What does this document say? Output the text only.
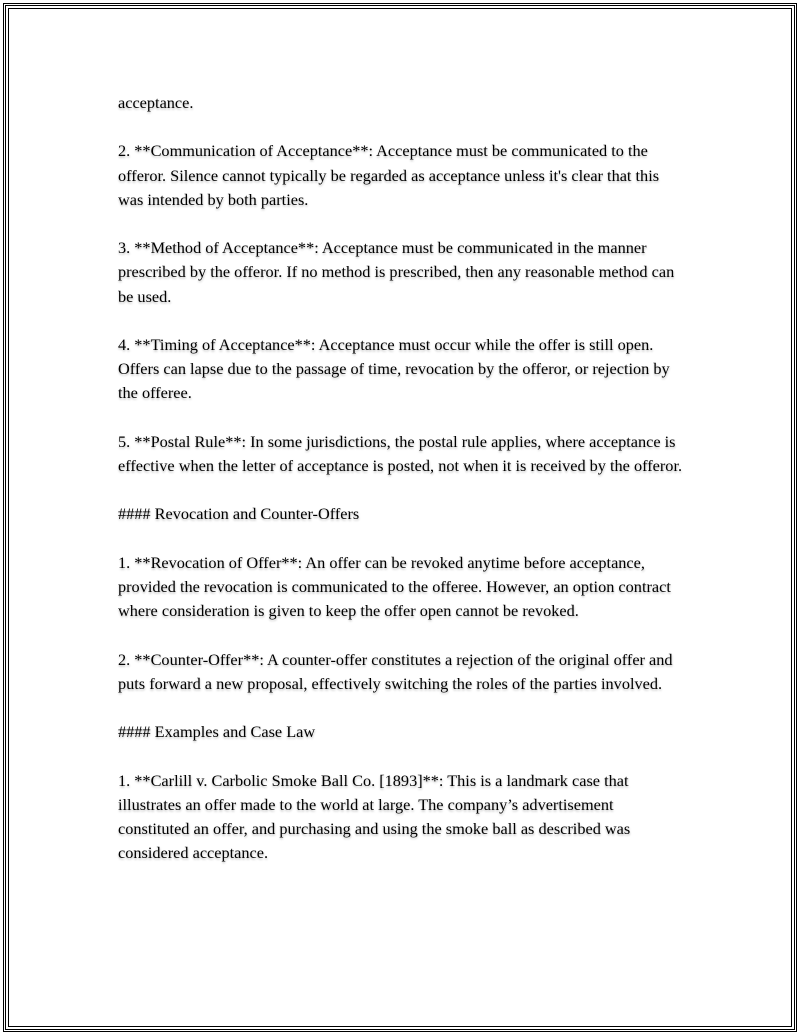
acceptance.

2. **Communication of Acceptance**: Acceptance must be communicated to the offeror. Silence cannot typically be regarded as acceptance unless it's clear that this was intended by both parties.

3. **Method of Acceptance**: Acceptance must be communicated in the manner prescribed by the offeror. If no method is prescribed, then any reasonable method can be used.

4. **Timing of Acceptance**: Acceptance must occur while the offer is still open. Offers can lapse due to the passage of time, revocation by the offeror, or rejection by the offeree.

5. **Postal Rule**: In some jurisdictions, the postal rule applies, where acceptance is effective when the letter of acceptance is posted, not when it is received by the offeror.

#### Revocation and Counter-Offers

1. **Revocation of Offer**: An offer can be revoked anytime before acceptance, provided the revocation is communicated to the offeree. However, an option contract where consideration is given to keep the offer open cannot be revoked.

2. **Counter-Offer**: A counter-offer constitutes a rejection of the original offer and puts forward a new proposal, effectively switching the roles of the parties involved.

#### Examples and Case Law

1. **Carlill v. Carbolic Smoke Ball Co. [1893]**: This is a landmark case that illustrates an offer made to the world at large. The company’s advertisement constituted an offer, and purchasing and using the smoke ball as described was considered acceptance.
